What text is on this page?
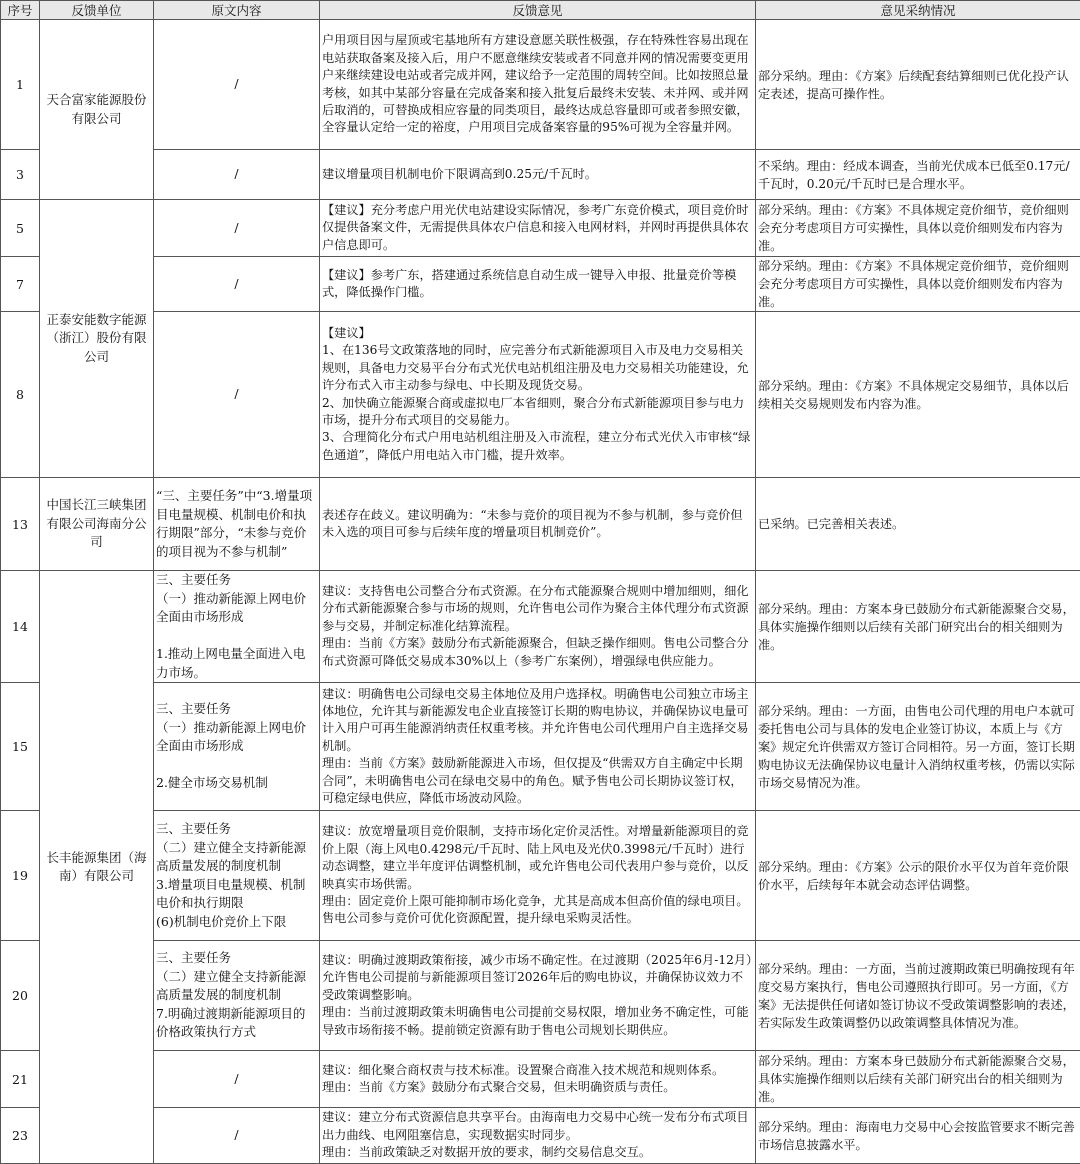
序号	反馈单位	原文内容	反馈意见	意见采纳情况
1	天合富家能源股份有限公司	/	户用项目因与屋顶或宅基地所有方建设意愿关联性极强，存在特殊性容易出现在电站获取备案及接入后，用户不愿意继续安装或者不同意并网的情况需要变更用户来继续建设电站或者完成并网，建议给予一定范围的周转空间。比如按照总量考核，如其中某部分容量在完成备案和接入批复后最终未安装、未并网、或并网后取消的，可替换成相应容量的同类项目，最终达成总容量即可或者参照安徽，全容量认定给一定的裕度，户用项目完成备案容量的95%可视为全容量并网。	部分采纳。理由：《方案》后续配套结算细则已优化投产认定表述，提高可操作性。

3		/	建议增量项目机制电价下限调高到0.25元/千瓦时。	不采纳。理由：经成本调查，当前光伏成本已低至0.17元/千瓦时，0.20元/千瓦时已是合理水平。

5	正泰安能数字能源（浙江）股份有限公司	/	【建议】充分考虑户用光伏电站建设实际情况，参考广东竞价模式，项目竞价时仅提供备案文件，无需提供具体农户信息和接入电网材料，并网时再提供具体农户信息即可。	部分采纳。理由：《方案》不具体规定竞价细节，竞价细则会充分考虑项目方可实操性，具体以竞价细则发布内容为准。

7		/	【建议】参考广东，搭建通过系统信息自动生成一键导入申报、批量竞价等模式，降低操作门槛。	部分采纳。理由：《方案》不具体规定竞价细节，竞价细则会充分考虑项目方可实操性，具体以竞价细则发布内容为准。

8		/	【建议】
1、在136号文政策落地的同时，应完善分布式新能源项目入市及电力交易相关规则，具备电力交易平台分布式光伏电站机组注册及电力交易相关功能建设，允许分布式入市主动参与绿电、中长期及现货交易。
2、加快确立能源聚合商或虚拟电厂本省细则，聚合分布式新能源项目参与电力市场，提升分布式项目的交易能力。
3、合理简化分布式户用电站机组注册及入市流程，建立分布式光伏入市审核“绿色通道”，降低户用电站入市门槛，提升效率。	部分采纳。理由：《方案》不具体规定交易细节，具体以后续相关交易规则发布内容为准。

13	中国长江三峡集团有限公司海南分公司	“三、主要任务”中“3.增量项目电量规模、机制电价和执行期限”部分，“未参与竞价的项目视为不参与机制”	表述存在歧义。建议明确为：“未参与竞价的项目视为不参与机制，参与竞价但未入选的项目可参与后续年度的增量项目机制竞价”。	已采纳。已完善相关表述。

14	长丰能源集团（海南）有限公司	三、主要任务
（一）推动新能源上网电价全面由市场形成

1.推动上网电量全面进入电力市场。	建议：支持售电公司整合分布式资源。在分布式能源聚合规则中增加细则，细化分布式新能源聚合参与市场的规则，允许售电公司作为聚合主体代理分布式资源参与交易，并制定标准化结算流程。
理由：当前《方案》鼓励分布式新能源聚合，但缺乏操作细则。售电公司整合分布式资源可降低交易成本30%以上（参考广东案例），增强绿电供应能力。	部分采纳。理由：方案本身已鼓励分布式新能源聚合交易，具体实施操作细则以后续有关部门研究出台的相关细则为准。

15		三、主要任务
（一）推动新能源上网电价全面由市场形成

2.健全市场交易机制	建议：明确售电公司绿电交易主体地位及用户选择权。明确售电公司独立市场主体地位，允许其与新能源发电企业直接签订长期的购电协议，并确保协议电量可计入用户可再生能源消纳责任权重考核。并允许售电公司代理用户自主选择交易机制。
理由：当前《方案》鼓励新能源进入市场，但仅提及“供需双方自主确定中长期合同”，未明确售电公司在绿电交易中的角色。赋予售电公司长期协议签订权，可稳定绿电供应，降低市场波动风险。	部分采纳。理由：一方面，由售电公司代理的用电户本就可委托售电公司与具体的发电企业签订协议，本质上与《方案》规定允许供需双方签订合同相符。另一方面，签订长期购电协议无法确保协议电量计入消纳权重考核，仍需以实际市场交易情况为准。

19		三、主要任务
（二）建立健全支持新能源高质量发展的制度机制
3.增量项目电量规模、机制电价和执行期限
(6)机制电价竞价上下限	建议：放宽增量项目竞价限制，支持市场化定价灵活性。对增量新能源项目的竞价上限（海上风电0.4298元/千瓦时、陆上风电及光伏0.3998元/千瓦时）进行动态调整，建立半年度评估调整机制，或允许售电公司代表用户参与竞价，以反映真实市场供需。
理由：固定竞价上限可能抑制市场化竞争，尤其是高成本但高价值的绿电项目。售电公司参与竞价可优化资源配置，提升绿电采购灵活性。	部分采纳。理由：《方案》公示的限价水平仅为首年竞价限价水平，后续每年本就会动态评估调整。

20		三、主要任务
（二）建立健全支持新能源高质量发展的制度机制
7.明确过渡期新能源项目的价格政策执行方式	建议：明确过渡期政策衔接，减少市场不确定性。在过渡期（2025年6月-12月）允许售电公司提前与新能源项目签订2026年后的购电协议，并确保协议效力不受政策调整影响。
理由：当前过渡期政策未明确售电公司提前交易权限，增加业务不确定性，可能导致市场衔接不畅。提前锁定资源有助于售电公司规划长期供应。	部分采纳。理由：一方面，当前过渡期政策已明确按现有年度交易方案执行，售电公司遵照执行即可。另一方面，《方案》无法提供任何诸如签订协议不受政策调整影响的表述，若实际发生政策调整仍以政策调整具体情况为准。

21		/	建议：细化聚合商权责与技术标准。设置聚合商准入技术规范和规则体系。
理由：当前《方案》鼓励分布式聚合交易，但未明确资质与责任。	部分采纳。理由：方案本身已鼓励分布式新能源聚合交易，具体实施操作细则以后续有关部门研究出台的相关细则为准。

23		/	建议：建立分布式资源信息共享平台。由海南电力交易中心统一发布分布式项目出力曲线、电网阻塞信息，实现数据实时同步。
理由：当前政策缺乏对数据开放的要求，制约交易信息交互。	部分采纳。理由：海南电力交易中心会按监管要求不断完善市场信息披露水平。
